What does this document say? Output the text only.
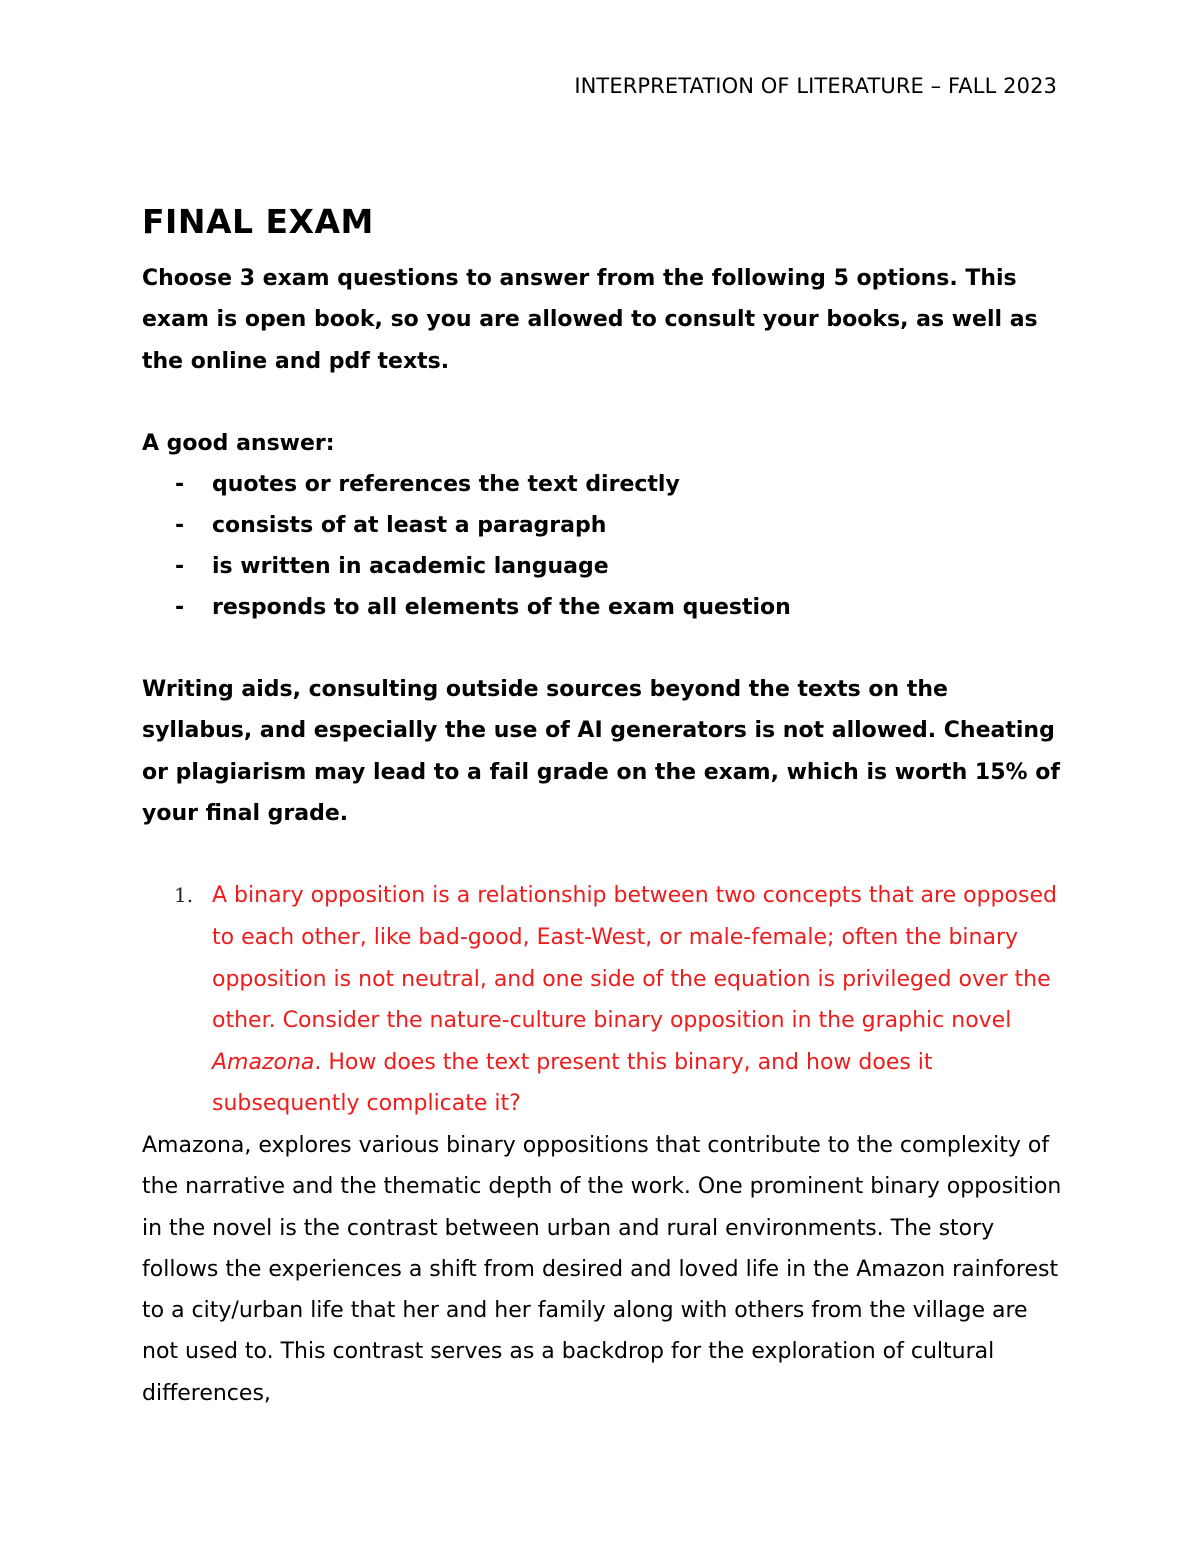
INTERPRETATION OF LITERATURE – FALL 2023
FINAL EXAM

Choose 3 exam questions to answer from the following 5 options. This exam is open book, so you are allowed to consult your books, as well as the online and pdf texts.

A good answer:

- quotes or references the text directly
- consists of at least a paragraph
- is written in academic language
- responds to all elements of the exam question

Writing aids, consulting outside sources beyond the texts on the syllabus, and especially the use of AI generators is not allowed. Cheating or plagiarism may lead to a fail grade on the exam, which is worth 15% of your final grade.

1. A binary opposition is a relationship between two concepts that are opposed to each other, like bad-good, East-West, or male-female; often the binary opposition is not neutral, and one side of the equation is privileged over the other. Consider the nature-culture binary opposition in the graphic novel Amazona. How does the text present this binary, and how does it subsequently complicate it?

Amazona, explores various binary oppositions that contribute to the complexity of the narrative and the thematic depth of the work. One prominent binary opposition in the novel is the contrast between urban and rural environments. The story follows the experiences a shift from desired and loved life in the Amazon rainforest to a city/urban life that her and her family along with others from the village are not used to. This contrast serves as a backdrop for the exploration of cultural differences,
